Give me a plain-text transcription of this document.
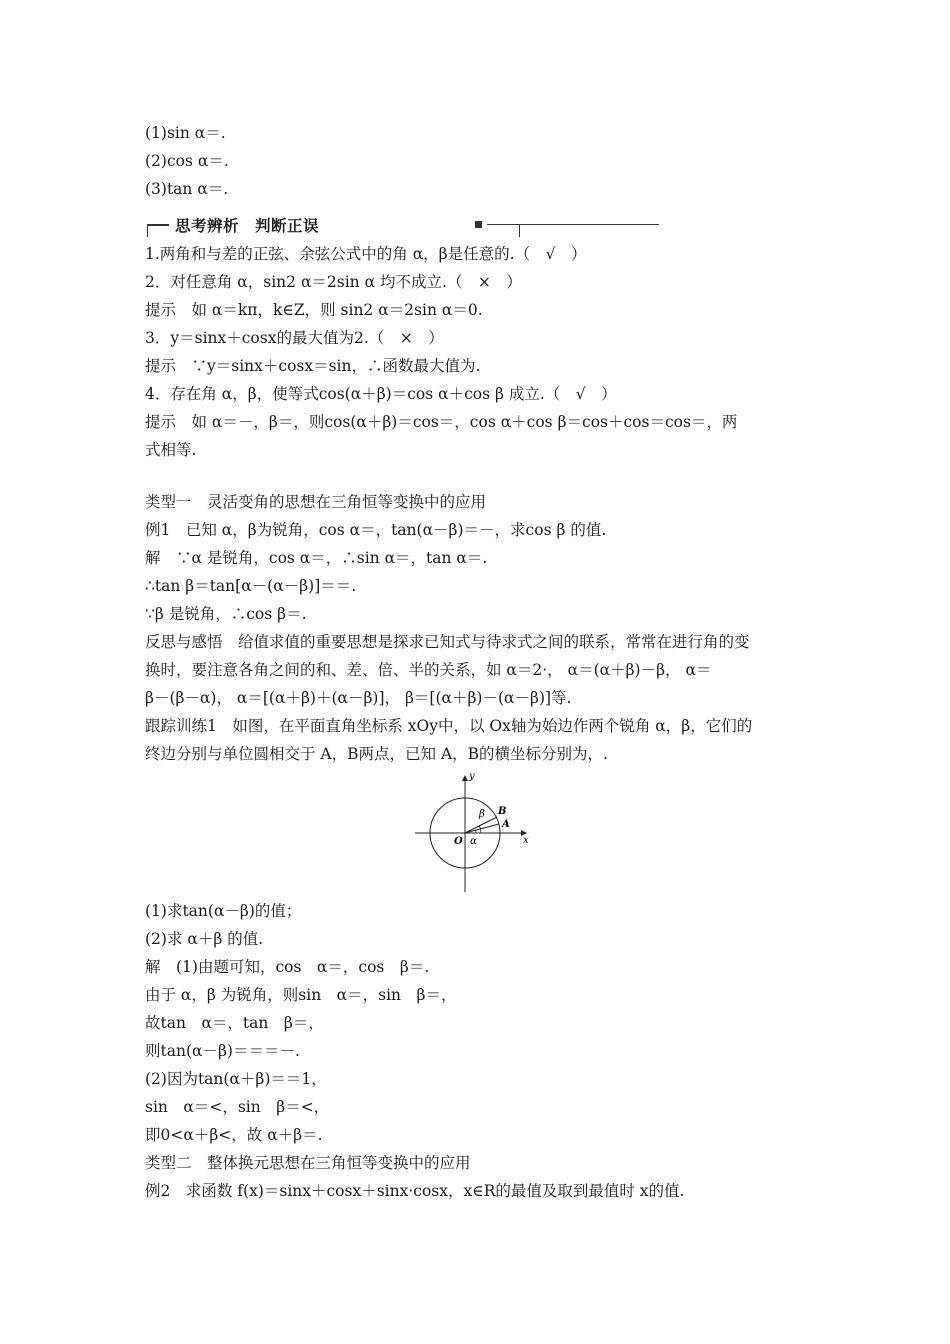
(1)sin α＝.
(2)cos α＝.
(3)tan α＝.
思考辨析　判断正误
1.两角和与差的正弦、余弦公式中的角 α，β是任意的.（　√　）
2．对任意角 α，sin2 α＝2sin α 均不成立.（　×　）
提示　如 α＝kπ，k∈Z，则 sin2 α＝2sin α＝0.
3．y＝sinx＋cosx的最大值为2.（　×　）
提示　∵y＝sinx＋cosx＝sin，∴函数最大值为.
4．存在角 α，β，使等式cos(α＋β)＝cos α＋cos β 成立.（　√　）
提示　如 α＝－，β＝，则cos(α＋β)＝cos＝，cos α＋cos β＝cos＋cos＝cos＝，两
式相等.
类型一　灵活变角的思想在三角恒等变换中的应用
例1　已知 α，β为锐角，cos α＝，tan(α－β)＝－，求cos β 的值.
解　∵α 是锐角，cos α＝，∴sin α＝，tan α＝.
∴tan β＝tan[α－(α－β)]＝＝.
∵β 是锐角，∴cos β＝.
反思与感悟　给值求值的重要思想是探求已知式与待求式之间的联系，常常在进行角的变
换时，要注意各角之间的和、差、倍、半的关系，如 α＝2·， α＝(α＋β)－β， α＝
β－(β－α)， α＝[(α＋β)＋(α－β)]， β＝[(α＋β)－(α－β)]等.
跟踪训练1　如图，在平面直角坐标系 xOy中，以 Ox轴为始边作两个锐角 α，β，它们的
终边分别与单位圆相交于 A，B两点，已知 A，B的横坐标分别为，.
y
x
O α
β
A
B
(1)求tan(α－β)的值；
(2)求 α＋β 的值.
解　(1)由题可知，cos　α＝，cos　β＝.
由于 α，β 为锐角，则sin　α＝，sin　β＝，
故tan　α＝，tan　β＝，
则tan(α－β)＝＝＝－.
(2)因为tan(α＋β)＝＝1，
sin　α＝<，sin　β＝<，
即0<α＋β<，故 α＋β＝.
类型二　整体换元思想在三角恒等变换中的应用
例2　求函数 f(x)＝sinx＋cosx＋sinx·cosx，x∈R的最值及取到最值时 x的值.
